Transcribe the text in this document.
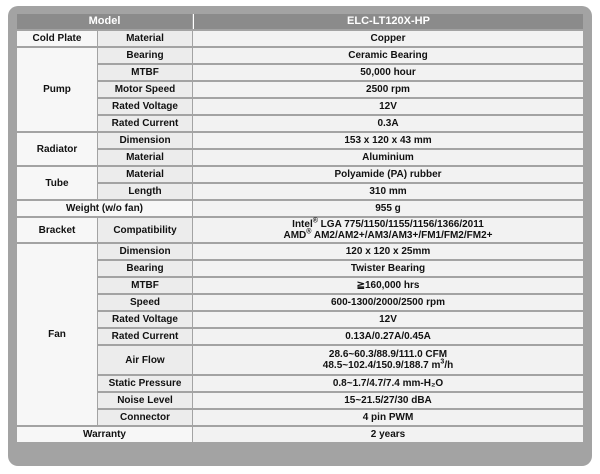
Model		ELC-LT120X-HP
Cold Plate	Material	Copper
Pump	Bearing	Ceramic Bearing
	MTBF	50,000 hour
	Motor Speed	2500 rpm
	Rated Voltage	12V
	Rated Current	0.3A
Radiator	Dimension	153 x 120 x 43 mm
	Material	Aluminium
Tube	Material	Polyamide (PA) rubber
	Length	310 mm
Weight (w/o fan)		955 g
Bracket	Compatibility	Intel® LGA 775/1150/1155/1156/1366/2011
AMD® AM2/AM2+/AM3/AM3+/FM1/FM2/FM2+

Fan	Dimension	120 x 120 x 25mm
	Bearing	Twister Bearing
	MTBF	≧160,000 hrs
	Speed	600-1300/2000/2500 rpm
	Rated Voltage	12V
	Rated Current	0.13A/0.27A/0.45A
	Air Flow	28.6~60.3/88.9/111.0 CFM
48.5~102.4/150.9/188.7 $m^3/h$

	Static Pressure	0.8~1.7/4.7/7.4 mm-H₂O
	Noise Level	15~21.5/27/30 dBA
	Connector	4 pin PWM
Warranty		2 years
